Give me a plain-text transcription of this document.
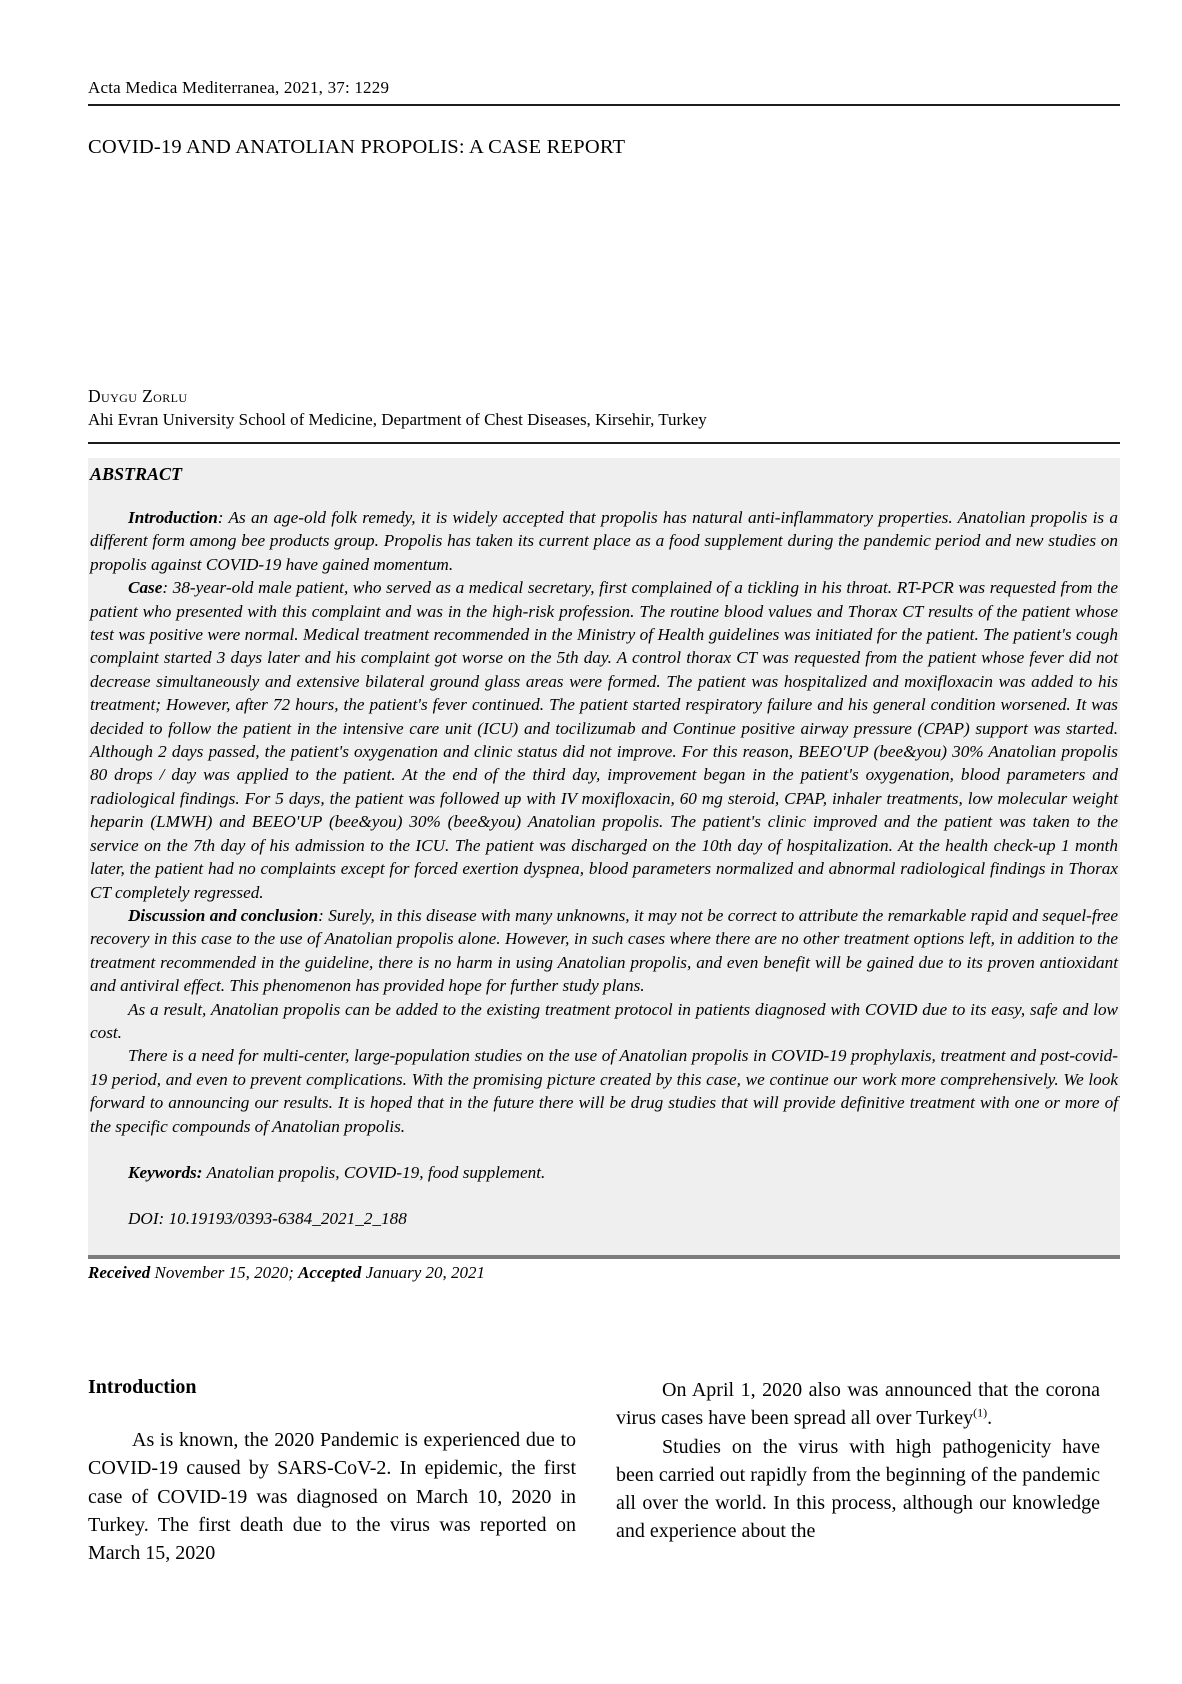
Acta Medica Mediterranea, 2021, 37: 1229
COVID-19 AND ANATOLIAN PROPOLIS: A CASE REPORT
Duygu Zorlu
Ahi Evran University School of Medicine, Department of Chest Diseases, Kirsehir, Turkey
ABSTRACT

Introduction: As an age-old folk remedy, it is widely accepted that propolis has natural anti-inflammatory properties. Anatolian propolis is a different form among bee products group. Propolis has taken its current place as a food supplement during the pandemic period and new studies on propolis against COVID-19 have gained momentum.

Case: 38-year-old male patient, who served as a medical secretary, first complained of a tickling in his throat. RT-PCR was requested from the patient who presented with this complaint and was in the high-risk profession. The routine blood values and Thorax CT results of the patient whose test was positive were normal. Medical treatment recommended in the Ministry of Health guidelines was initiated for the patient. The patient's cough complaint started 3 days later and his complaint got worse on the 5th day. A control thorax CT was requested from the patient whose fever did not decrease simultaneously and extensive bilateral ground glass areas were formed. The patient was hospitalized and moxifloxacin was added to his treatment; However, after 72 hours, the patient's fever continued. The patient started respiratory failure and his general condition worsened. It was decided to follow the patient in the intensive care unit (ICU) and tocilizumab and Continue positive airway pressure (CPAP) support was started. Although 2 days passed, the patient's oxygenation and clinic status did not improve. For this reason, BEEO'UP (bee&you) 30% Anatolian propolis 80 drops / day was applied to the patient. At the end of the third day, improvement began in the patient's oxygenation, blood parameters and radiological findings. For 5 days, the patient was followed up with IV moxifloxacin, 60 mg steroid, CPAP, inhaler treatments, low molecular weight heparin (LMWH) and BEEO'UP (bee&you) 30% (bee&you) Anatolian propolis. The patient's clinic improved and the patient was taken to the service on the 7th day of his admission to the ICU. The patient was discharged on the 10th day of hospitalization. At the health check-up 1 month later, the patient had no complaints except for forced exertion dyspnea, blood parameters normalized and abnormal radiological findings in Thorax CT completely regressed.

Discussion and conclusion: Surely, in this disease with many unknowns, it may not be correct to attribute the remarkable rapid and sequel-free recovery in this case to the use of Anatolian propolis alone. However, in such cases where there are no other treatment options left, in addition to the treatment recommended in the guideline, there is no harm in using Anatolian propolis, and even benefit will be gained due to its proven antioxidant and antiviral effect. This phenomenon has provided hope for further study plans.

As a result, Anatolian propolis can be added to the existing treatment protocol in patients diagnosed with COVID due to its easy, safe and low cost.

There is a need for multi-center, large-population studies on the use of Anatolian propolis in COVID-19 prophylaxis, treatment and post-covid-19 period, and even to prevent complications. With the promising picture created by this case, we continue our work more comprehensively. We look forward to announcing our results. It is hoped that in the future there will be drug studies that will provide definitive treatment with one or more of the specific compounds of Anatolian propolis.

Keywords: Anatolian propolis, COVID-19, food supplement.

DOI: 10.19193/0393-6384_2021_2_188

Received November 15, 2020; Accepted January 20, 2021
Introduction

As is known, the 2020 Pandemic is experienced due to COVID-19 caused by SARS-CoV-2. In epidemic, the first case of COVID-19 was diagnosed on March 10, 2020 in Turkey. The first death due to the virus was reported on March 15, 2020

On April 1, 2020 also was announced that the corona virus cases have been spread all over Turkey$^{(1)}$.

Studies on the virus with high pathogenicity have been carried out rapidly from the beginning of the pandemic all over the world. In this process, although our knowledge and experience about the
